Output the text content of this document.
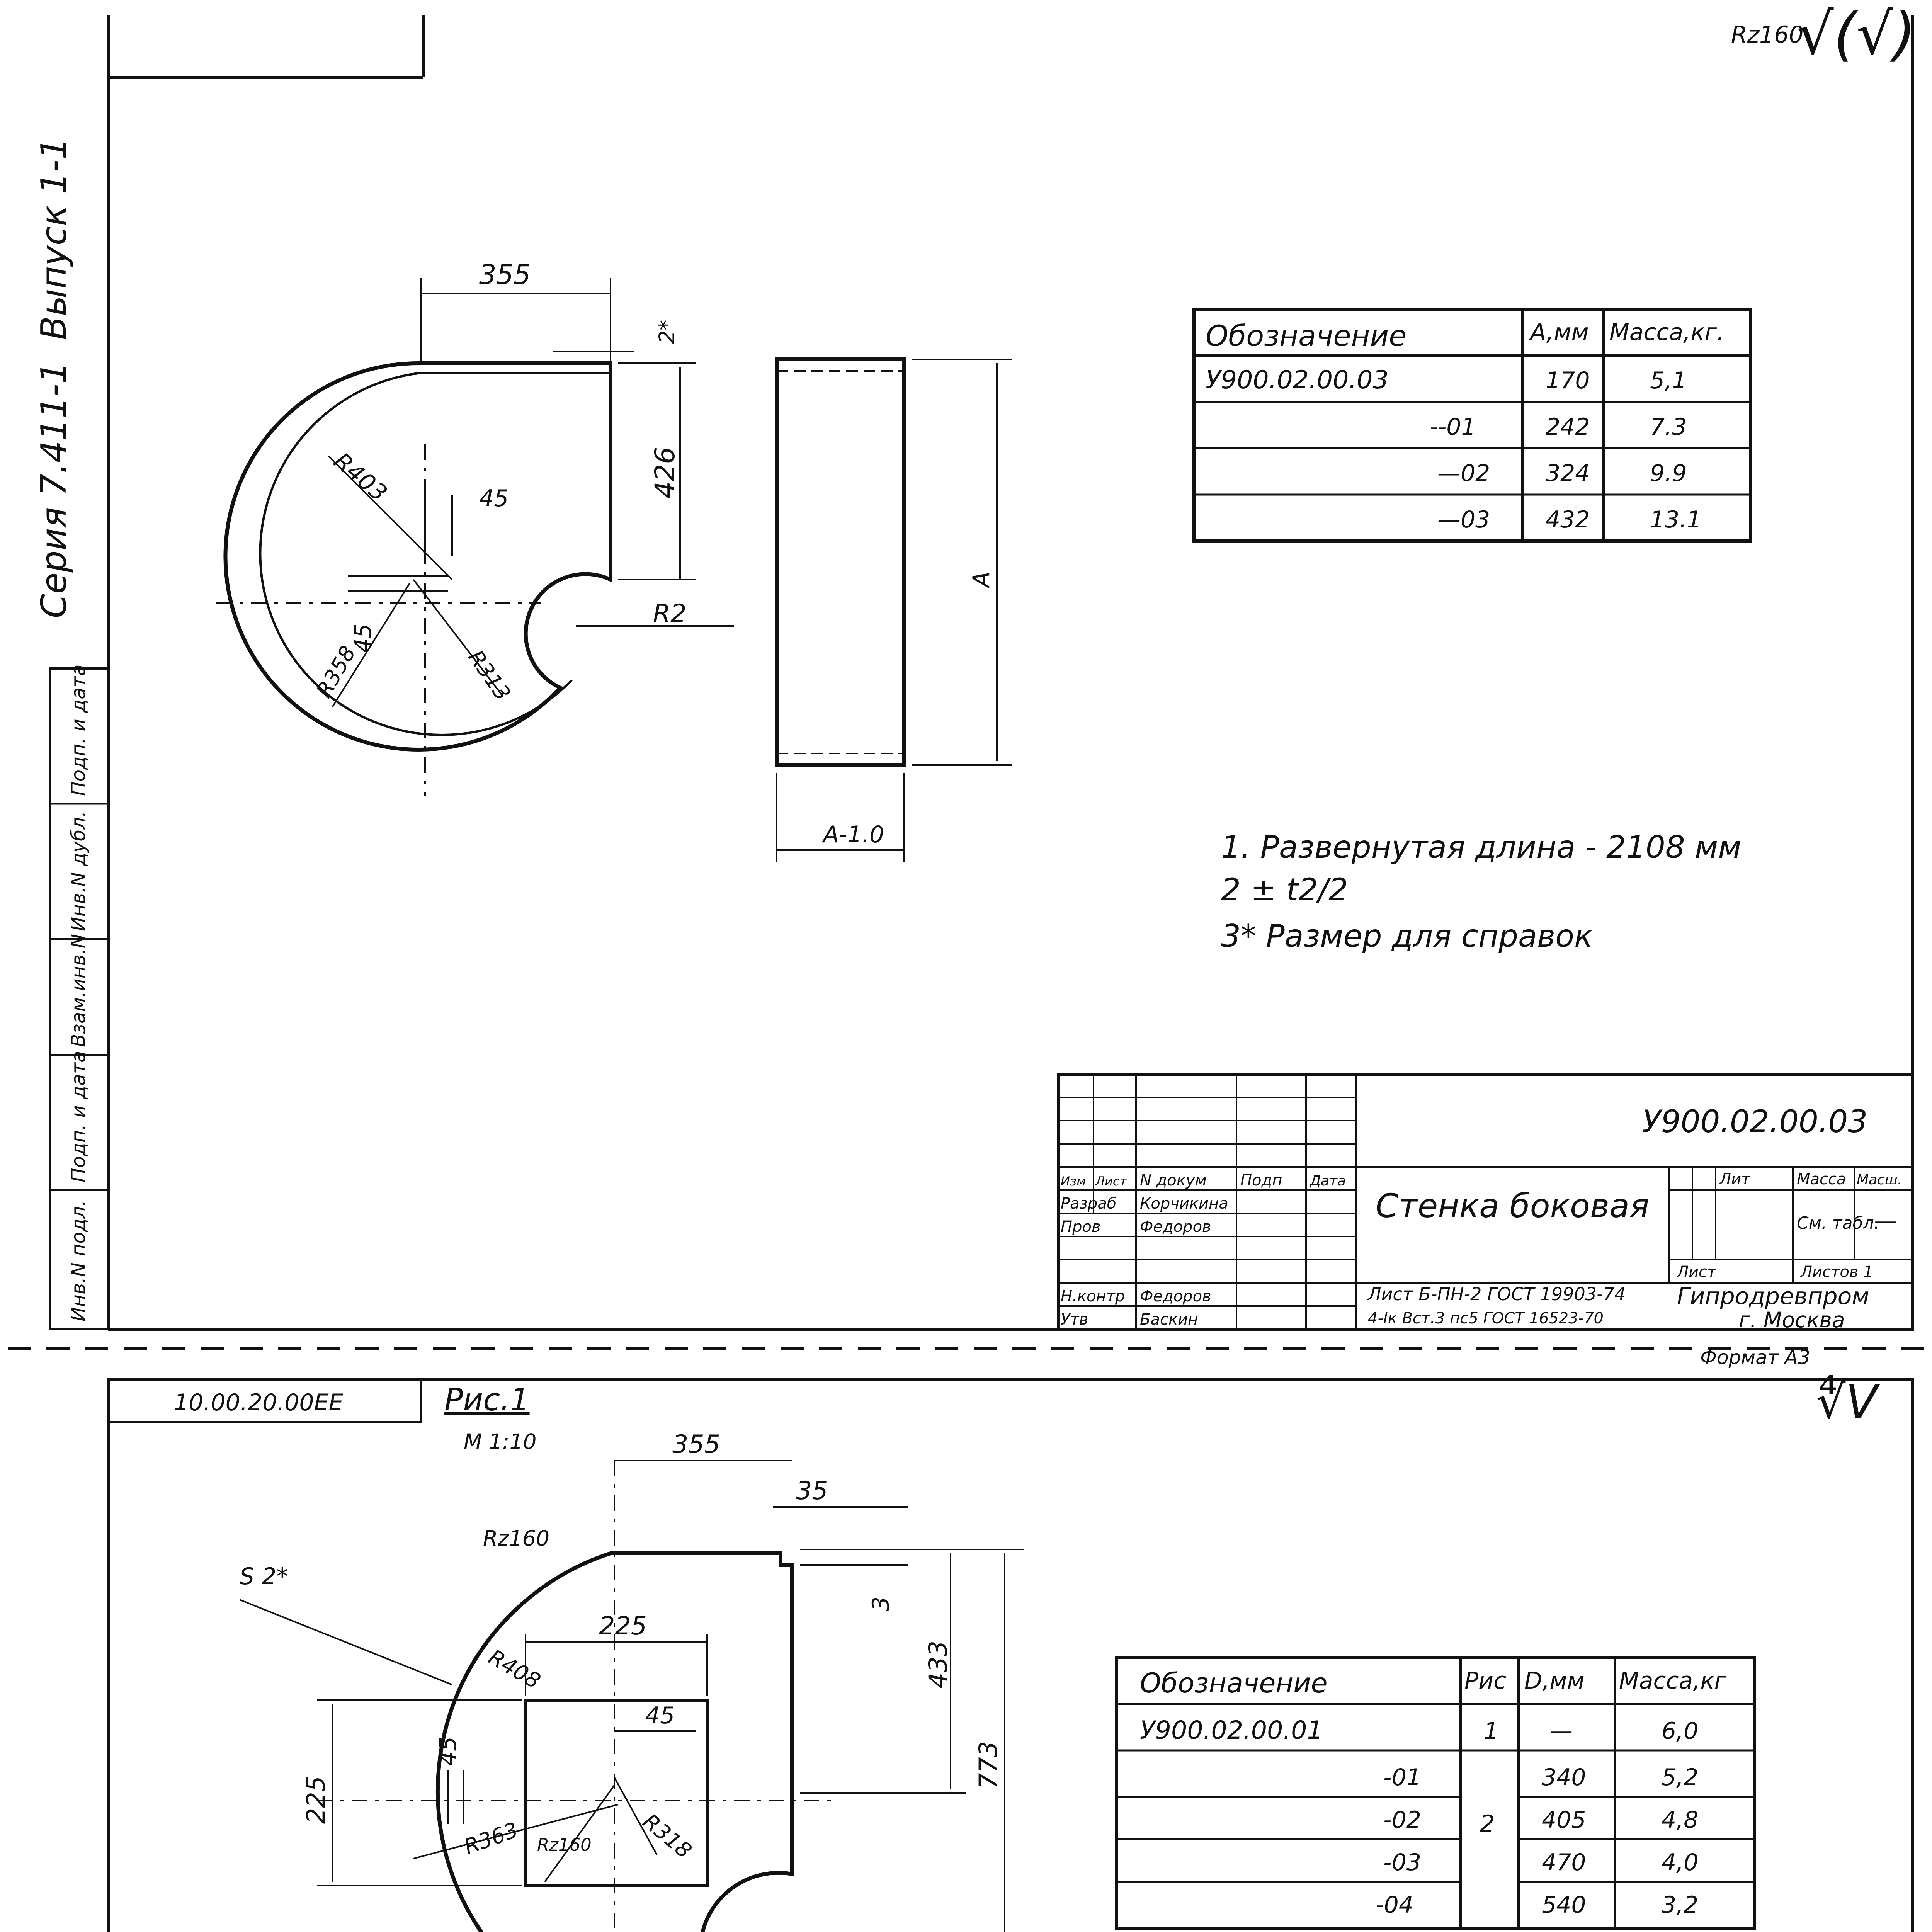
Rz160
√(√)
Инв.N подл.
Подп. и дата
Взам.инв.N
Инв.N дубл.
Подп. и дата
Серия 7.411-1
Выпуск 1-1	355
426
2*
R403
R358	R313
45
45
R2
A
A-1.0
Обозначение	A,мм Масса,кг.
У900.02.00.03	170	5,1
--01	242	7.3
—02 324	9.9
—03 432	13.1
1. Развернутая длина - 2108 мм
2 ± t2/2
3* Размер для справок
У900.02.00.03
Стенка боковая
Изм Лист N докум Подп Дата
Разраб Корчикина
Пров	Федоров
Н.контр Федоров
Утв	Баскин
Лит	Масса Масш.
См. табл.
—
Лист	Листов 1
Лист Б-ПН-2 ГОСТ 19903-74
4-Iк Вст.3 пс5 ГОСТ 16523-70
Гипродревпром
г. Москва
Формат А3
10.00.20.00ЕЕ	∜V
Рис.1
М 1:10	355
35
3
433
773
225
225
45
45
R408
R363	R318
Rz160
Rz160
S 2*
Обозначение	Рис D,мм Масса,кг
У900.02.00.01	1 —	6,0
-01	340	5,2
-02	2 405	4,8
-03	470	4,0
-04	540	3,2
